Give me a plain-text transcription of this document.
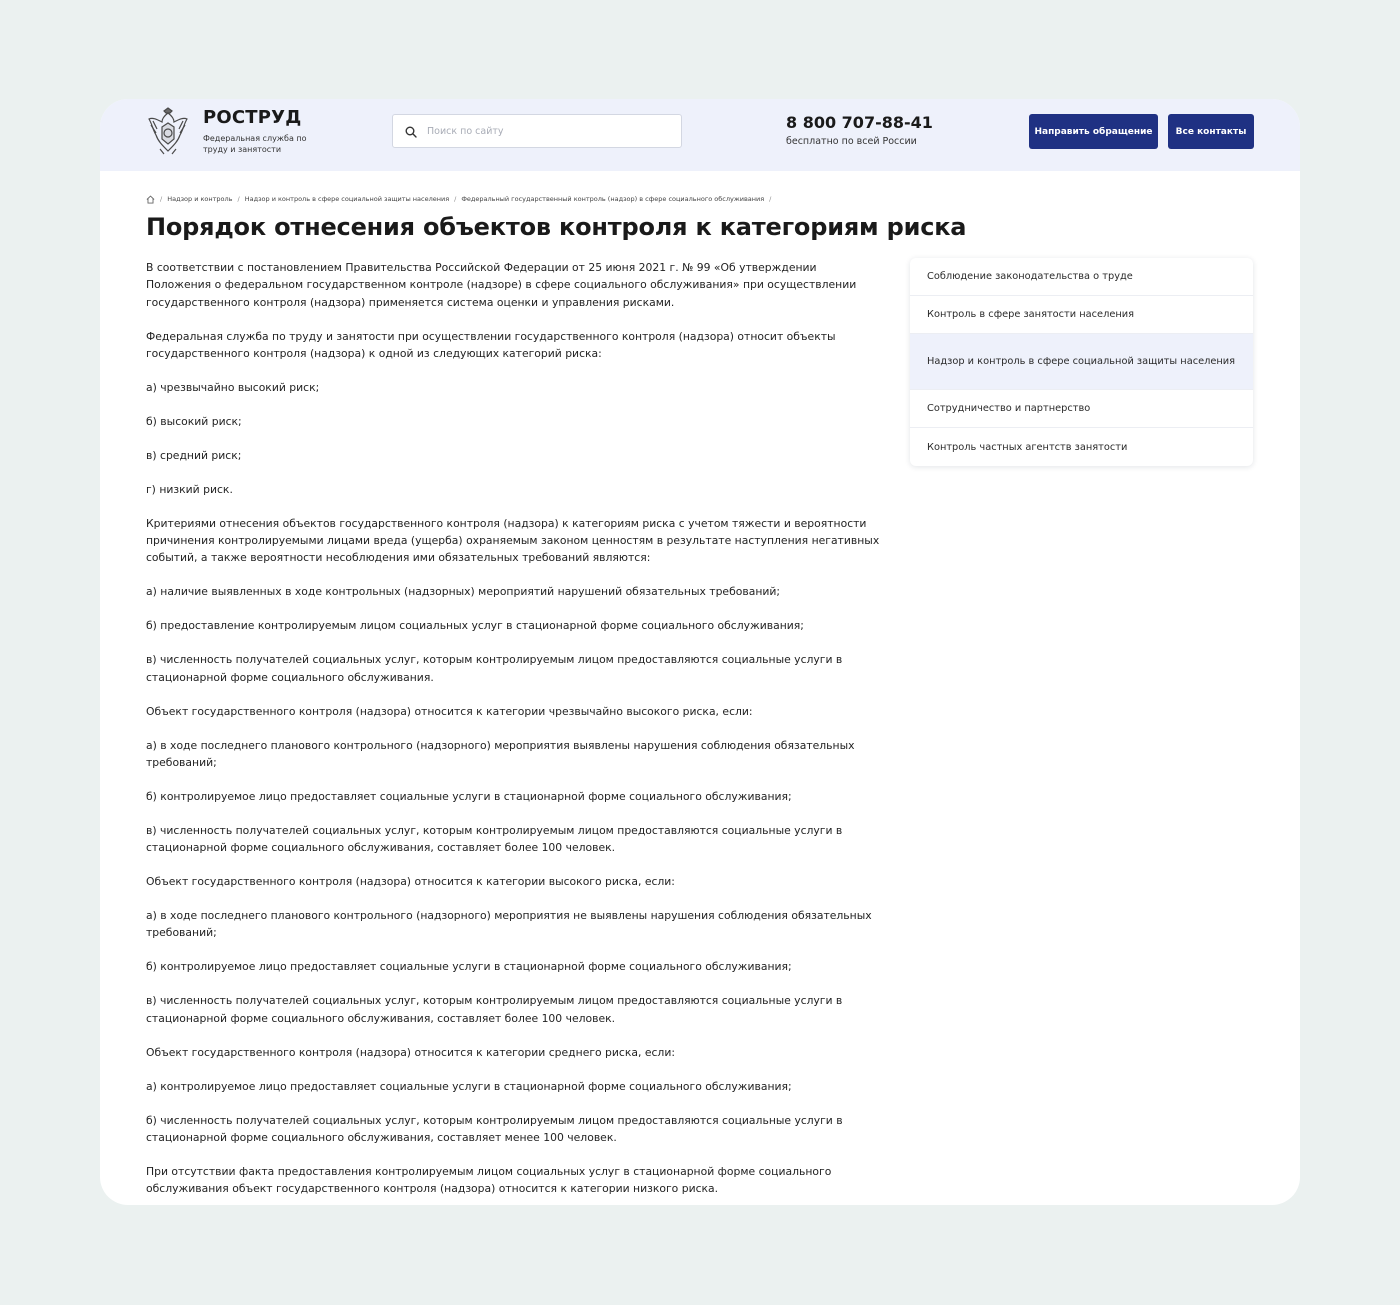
РОСТРУД
Федеральная служба по труду и занятости
Поиск по сайту
8 800 707-88-41
бесплатно по всей России
Направить обращение	Все контакты
/ Надзор и контроль / Надзор и контроль в сфере социальной защиты населения / Федеральный государственный контроль (надзор) в сфере социального обслуживания /
Порядок отнесения объектов контроля к категориям риска

В соответствии с постановлением Правительства Российской Федерации от 25 июня 2021 г. № 99 «Об утверждении Положения о федеральном государственном контроле (надзоре) в сфере социального обслуживания» при осуществлении государственного контроля (надзора) применяется система оценки и управления рисками.

Федеральная служба по труду и занятости при осуществлении государственного контроля (надзора) относит объекты государственного контроля (надзора) к одной из следующих категорий риска:

а) чрезвычайно высокий риск;

б) высокий риск;

в) средний риск;

г) низкий риск.

Критериями отнесения объектов государственного контроля (надзора) к категориям риска с учетом тяжести и вероятности причинения контролируемыми лицами вреда (ущерба) охраняемым законом ценностям в результате наступления негативных событий, а также вероятности несоблюдения ими обязательных требований являются:

а) наличие выявленных в ходе контрольных (надзорных) мероприятий нарушений обязательных требований;

б) предоставление контролируемым лицом социальных услуг в стационарной форме социального обслуживания;

в) численность получателей социальных услуг, которым контролируемым лицом предоставляются социальные услуги в стационарной форме социального обслуживания.

Объект государственного контроля (надзора) относится к категории чрезвычайно высокого риска, если:

а) в ходе последнего планового контрольного (надзорного) мероприятия выявлены нарушения соблюдения обязательных требований;

б) контролируемое лицо предоставляет социальные услуги в стационарной форме социального обслуживания;

в) численность получателей социальных услуг, которым контролируемым лицом предоставляются социальные услуги в стационарной форме социального обслуживания, составляет более 100 человек.

Объект государственного контроля (надзора) относится к категории высокого риска, если:

а) в ходе последнего планового контрольного (надзорного) мероприятия не выявлены нарушения соблюдения обязательных требований;

б) контролируемое лицо предоставляет социальные услуги в стационарной форме социального обслуживания;

в) численность получателей социальных услуг, которым контролируемым лицом предоставляются социальные услуги в стационарной форме социального обслуживания, составляет более 100 человек.

Объект государственного контроля (надзора) относится к категории среднего риска, если:

а) контролируемое лицо предоставляет социальные услуги в стационарной форме социального обслуживания;

б) численность получателей социальных услуг, которым контролируемым лицом предоставляются социальные услуги в стационарной форме социального обслуживания, составляет менее 100 человек.

При отсутствии факта предоставления контролируемым лицом социальных услуг в стационарной форме социального обслуживания объект государственного контроля (надзора) относится к категории низкого риска.

Соблюдение законодательства о труде
Контроль в сфере занятости населения
Надзор и контроль в сфере социальной защиты населения
Сотрудничество и партнерство
Контроль частных агентств занятости
